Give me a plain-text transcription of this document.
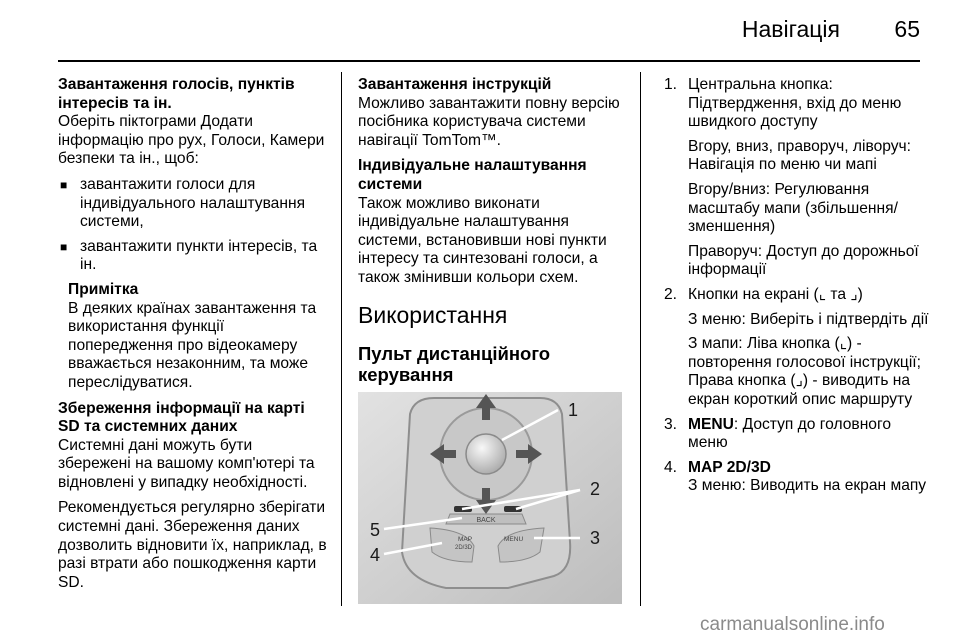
Навігація 65

Завантаження голосів, пунктів інтересів та ін.

Оберіть піктограми Додати інформацію про рух, Голоси, Камери безпеки та ін., щоб:

■ завантажити голоси для індивідуального налаштування системи,
■ завантажити пункти інтересів, та ін.
Примітка
В деяких країнах завантаження та використання функції попередження про відеокамеру вважається незаконним, та може переслідуватися.

Збереження інформації на карті SD та системних даних

Системні дані можуть бути збережені на вашому комп'ютері та відновлені у випадку необхідності.

Рекомендується регулярно зберігати системні дані. Збереження даних дозволить відновити їх, наприклад, в разі втрати або пошкодження карти SD.

Завантаження інструкцій

Можливо завантажити повну версію посібника користувача системи навігації TomTom™.

Індивідуальне налаштування системи

Також можливо виконати індивідуальне налаштування системи, встановивши нові пункти інтересу та синтезовані голоси, а також змінивши кольори схем.

Використання
Пульт дистанційного керування
BACK
MAP
2D/3D
MENU
1
2
5
4
3
1. Центральна кнопка:

Підтвердження, вхід до меню швидкого доступу

Вгору, вниз, праворуч, ліворуч: Навігація по меню чи мапі

Вгору/вниз: Регулювання масштабу мапи (збільшення/ зменшення)

Праворуч: Доступ до дорожньої інформації

2. Кнопки на екрані (⌞ та ⌟)

З меню: Виберіть і підтвердіть дії

З мапи: Ліва кнопка (⌞) - повторення голосової інструкції; Права кнопка (⌟) - виводить на екран короткий опис маршруту

3. MENU: Доступ до головного меню

4. MAP 2D/3D

З меню: Виводить на екран мапу

carmanualsonline.info
